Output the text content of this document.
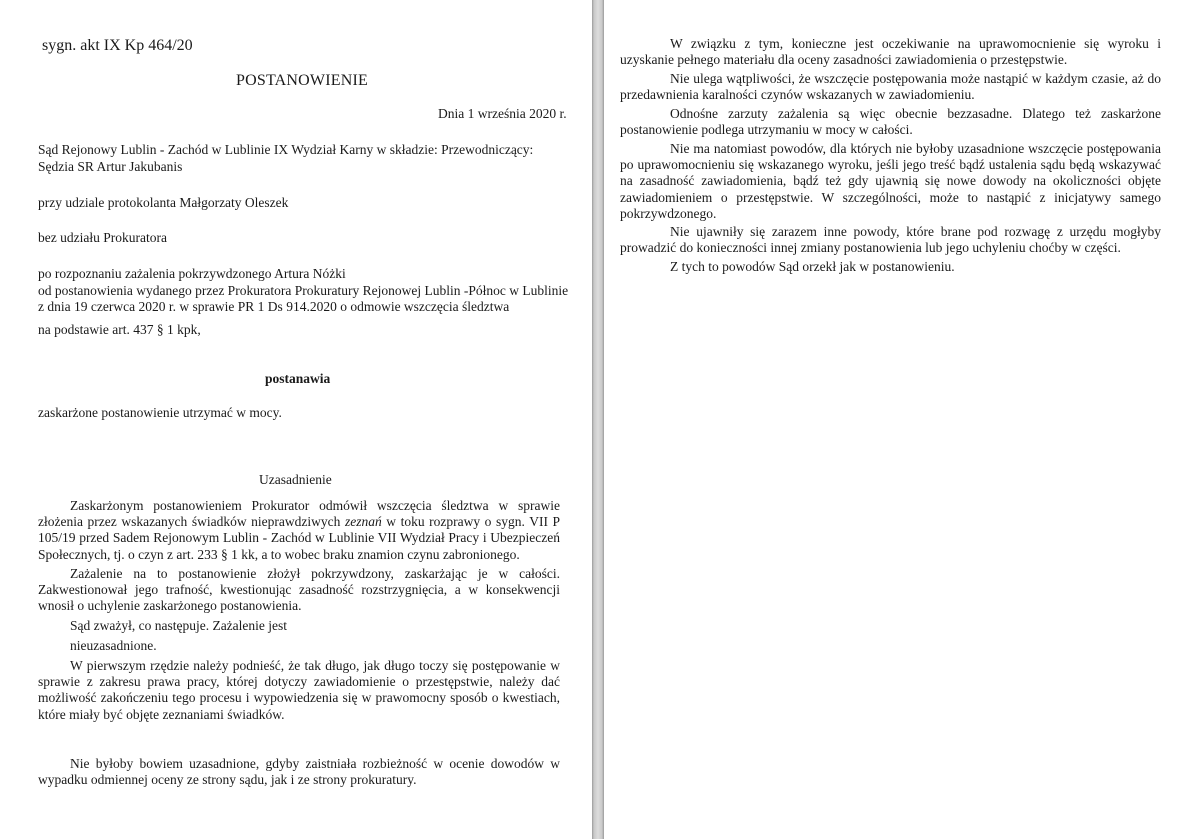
sygn. akt IX Kp 464/20

POSTANOWIENIE

Dnia 1 września 2020 r.

Sąd Rejonowy Lublin - Zachód w Lublinie IX Wydział Karny w składzie: Przewodniczący:

Sędzia SR Artur Jakubanis

przy udziale protokolanta Małgorzaty Oleszek

bez udziału Prokuratora

po rozpoznaniu zażalenia pokrzywdzonego Artura Nóżki

od postanowienia wydanego przez Prokuratora Prokuratury Rejonowej Lublin -Północ w Lublinie

z dnia 19 czerwca 2020 r. w sprawie PR 1 Ds 914.2020 o odmowie wszczęcia śledztwa

na podstawie art. 437 § 1 kpk,

postanawia

zaskarżone postanowienie utrzymać w mocy.

Uzasadnienie

Zaskarżonym postanowieniem Prokurator odmówił wszczęcia śledztwa w sprawie złożenia przez wskazanych świadków nieprawdziwych zeznań w toku rozprawy o sygn. VII P 105/19 przed Sadem Rejonowym Lublin - Zachód w Lublinie VII Wydział Pracy i Ubezpieczeń Społecznych, tj. o czyn z art. 233 § 1 kk, a to wobec braku znamion czynu zabronionego.

Zażalenie na to postanowienie złożył pokrzywdzony, zaskarżając je w całości. Zakwestionował jego trafność, kwestionując zasadność rozstrzygnięcia, a w konsekwencji wnosił o uchylenie zaskarżonego postanowienia.

Sąd zważył, co następuje. Zażalenie jest

nieuzasadnione.

W pierwszym rzędzie należy podnieść, że tak długo, jak długo toczy się postępowanie w sprawie z zakresu prawa pracy, której dotyczy zawiadomienie o przestępstwie, należy dać możliwość zakończeniu tego procesu i wypowiedzenia się w prawomocny sposób o kwestiach, które miały być objęte zeznaniami świadków.

Nie byłoby bowiem uzasadnione, gdyby zaistniała rozbieżność w ocenie dowodów w wypadku odmiennej oceny ze strony sądu, jak i ze strony prokuratury.

W związku z tym, konieczne jest oczekiwanie na uprawomocnienie się wyroku i uzyskanie pełnego materiału dla oceny zasadności zawiadomienia o przestępstwie.

Nie ulega wątpliwości, że wszczęcie postępowania może nastąpić w każdym czasie, aż do przedawnienia karalności czynów wskazanych w zawiadomieniu.

Odnośne zarzuty zażalenia są więc obecnie bezzasadne. Dlatego też zaskarżone postanowienie podlega utrzymaniu w mocy w całości.

Nie ma natomiast powodów, dla których nie byłoby uzasadnione wszczęcie postępowania po uprawomocnieniu się wskazanego wyroku, jeśli jego treść bądź ustalenia sądu będą wskazywać na zasadność zawiadomienia, bądź też gdy ujawnią się nowe dowody na okoliczności objęte zawiadomieniem o przestępstwie. W szczególności, może to nastąpić z inicjatywy samego pokrzywdzonego.

Nie ujawniły się zarazem inne powody, które brane pod rozwagę z urzędu mogłyby prowadzić do konieczności innej zmiany postanowienia lub jego uchyleniu choćby w części.

Z tych to powodów Sąd orzekł jak w postanowieniu.
